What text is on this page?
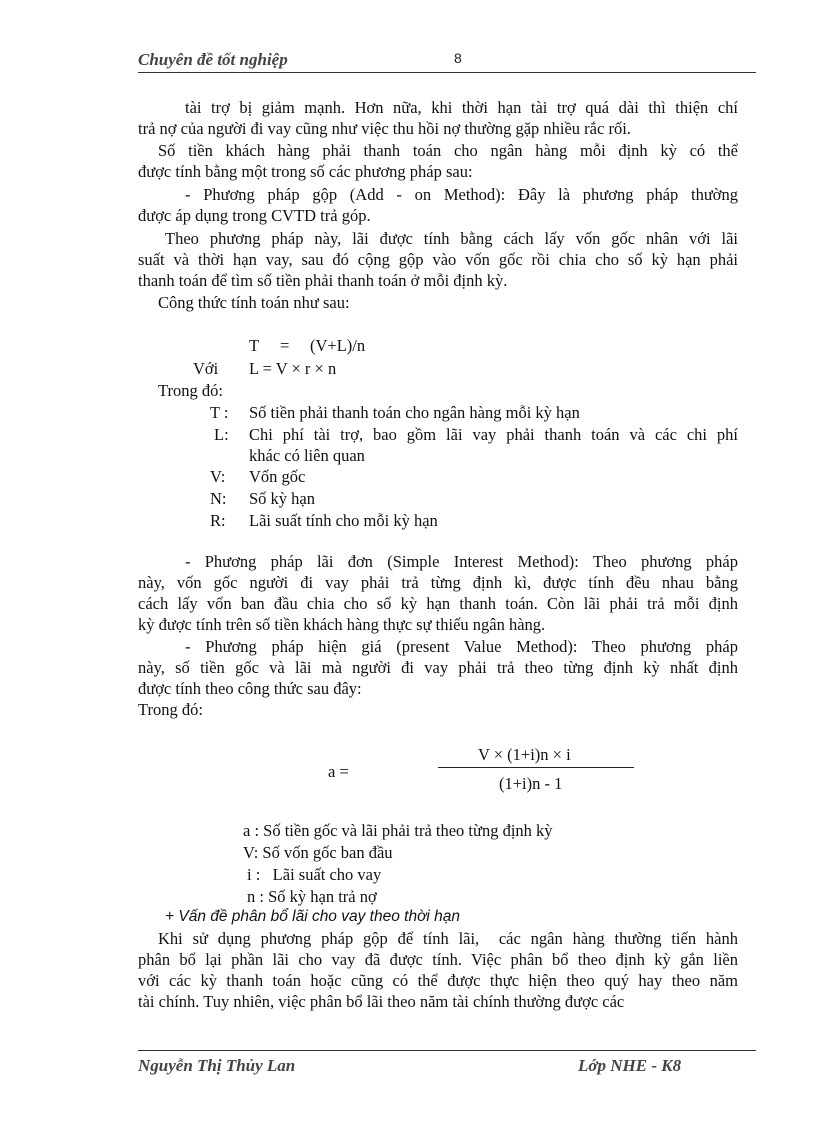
Chuyên đề tốt nghiệp	8
tài trợ bị giảm mạnh. Hơn nữa, khi thời hạn tài trợ quá dài thì thiện chí
trả nợ của người đi vay cũng như việc thu hồi nợ thường gặp nhiều rắc rối.
Số tiền khách hàng phải thanh toán cho ngân hàng mỗi định kỳ có thể
được tính bằng một trong số các phương pháp sau:
- Phương pháp gộp (Add - on Method): Đây là phương pháp thường
được áp dụng trong CVTD trả góp.
Theo phương pháp này, lãi được tính bằng cách lấy vốn gốc nhân với lãi
suất và thời hạn vay, sau đó cộng gộp vào vốn gốc rồi chia cho số kỳ hạn phải
thanh toán để tìm số tiền phải thanh toán ở mỗi định kỳ.
Công thức tính toán như sau:
T = (V+L)/n
Với L = V × r × n
Trong đó:
T : Số tiền phải thanh toán cho ngân hàng mỗi kỳ hạn
L: Chi phí tài trợ, bao gồm lãi vay phải thanh toán và các chi phí
khác có liên quan
V: Vốn gốc
N: Số kỳ hạn
R: Lãi suất tính cho mỗi kỳ hạn
- Phương pháp lãi đơn (Simple Interest Method): Theo phương pháp
này, vốn gốc người đi vay phải trả từng định kì, được tính đều nhau bằng
cách lấy vốn ban đầu chia cho số kỳ hạn thanh toán. Còn lãi phải trả mỗi định
kỳ được tính trên số tiền khách hàng thực sự thiếu ngân hàng.
- Phương pháp hiện giá (present Value Method): Theo phương pháp
này, số tiền gốc và lãi mà người đi vay phải trả theo từng định kỳ nhất định
được tính theo công thức sau đây:
Trong đó:
a =
V × (1+i)n × i
(1+i)n - 1
a : Số tiền gốc và lãi phải trả theo từng định kỳ
V: Số vốn gốc ban đầu
i :   Lãi suất cho vay
n : Số kỳ hạn trả nợ
+ Vấn đề phân bổ lãi cho vay theo thời hạn
Khi sử dụng phương pháp gộp để tính lãi,  các ngân hàng thường tiến hành
phân bổ lại phần lãi cho vay đã được tính. Việc phân bổ theo định kỳ gắn liền
với các kỳ thanh toán hoặc cũng có thể được thực hiện theo quý hay theo năm
tài chính. Tuy nhiên, việc phân bổ lãi theo năm tài chính thường được các
Nguyễn Thị Thủy Lan	Lớp NHE - K8
